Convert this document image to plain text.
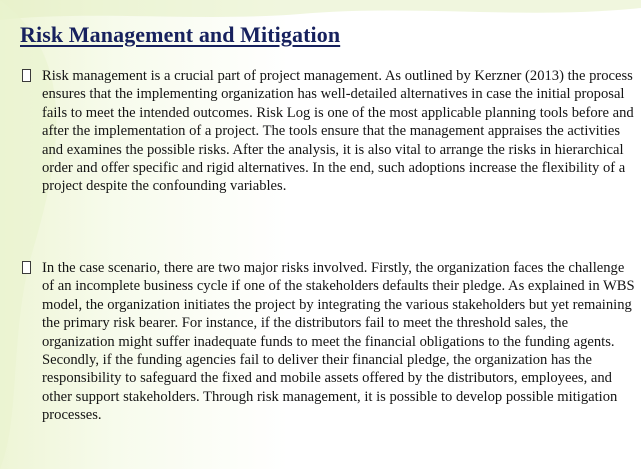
Risk Management and Mitigation

Risk management is a crucial part of project management. As outlined by Kerzner (2013) the process ensures that the implementing organization has well-detailed alternatives in case the initial proposal fails to meet the intended outcomes. Risk Log is one of the most applicable planning tools before and after the implementation of a project. The tools ensure that the management appraises the activities and examines the possible risks. After the analysis, it is also vital to arrange the risks in hierarchical order and offer specific and rigid alternatives. In the end, such adoptions increase the flexibility of a project despite the confounding variables.

In the case scenario, there are two major risks involved. Firstly, the organization faces the challenge of an incomplete business cycle if one of the stakeholders defaults their pledge. As explained in WBS model, the organization initiates the project by integrating the various stakeholders but yet remaining the primary risk bearer. For instance, if the distributors fail to meet the threshold sales, the organization might suffer inadequate funds to meet the financial obligations to the funding agents. Secondly, if the funding agencies fail to deliver their financial pledge, the organization has the responsibility to safeguard the fixed and mobile assets offered by the distributors, employees, and other support stakeholders. Through risk management, it is possible to develop possible mitigation processes.
